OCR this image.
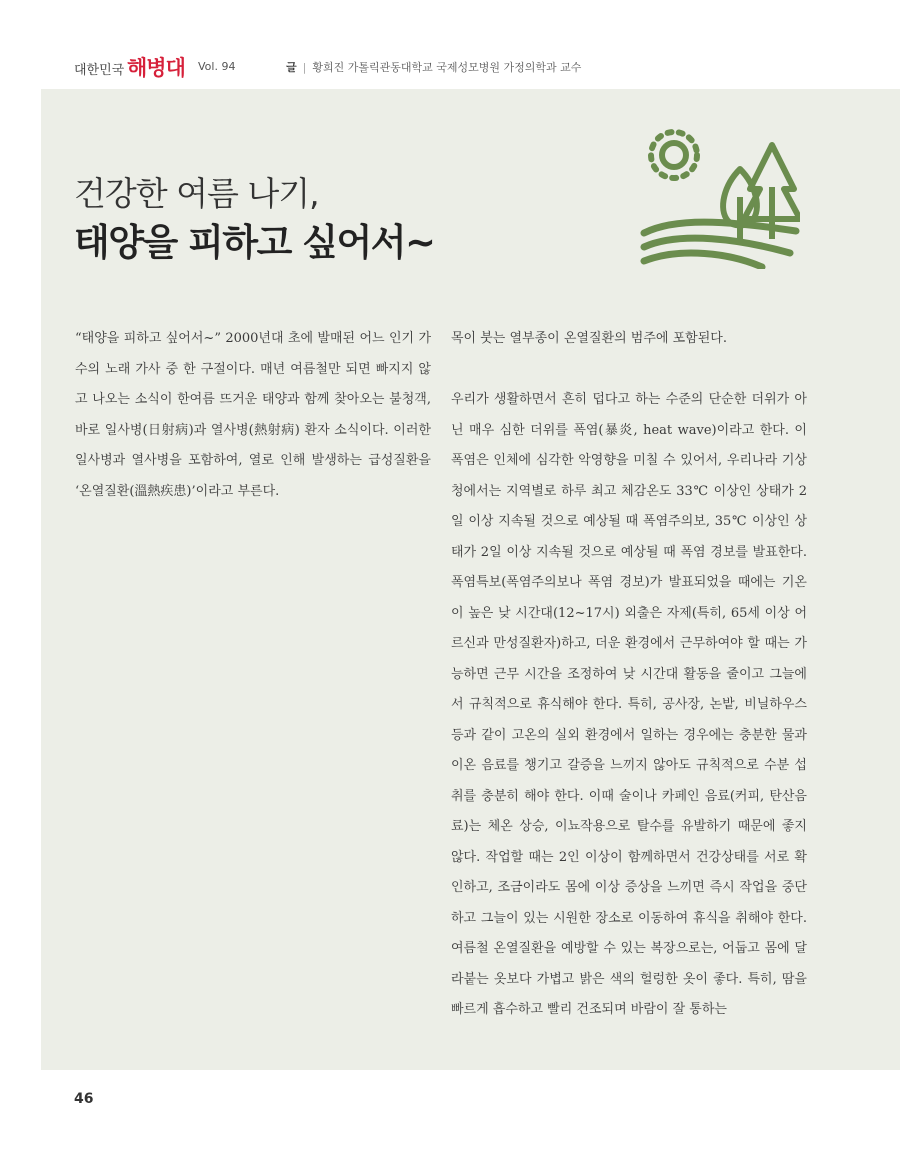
대한민국 해병대 Vol. 94	글 | 황희진 가톨릭관동대학교 국제성모병원 가정의학과 교수
건강한 여름 나기,
태양을 피하고 싶어서~

“태양을 피하고 싶어서~” 2000년대 초에 발매된 어느 인기 가수의 노래 가사 중 한 구절이다. 매년 여름철만 되면 빠지지 않고 나오는 소식이 한여름 뜨거운 태양과 함께 찾아오는 불청객, 바로 일사병(日射病)과 열사병(熱射病) 환자 소식이다. 이러한 일사병과 열사병을 포함하여, 열로 인해 발생하는 급성질환을 ‘온열질환(溫熱疾患)’이라고 부른다.

목이 붓는 열부종이 온열질환의 범주에 포함된다.

우리가 생활하면서 흔히 덥다고 하는 수준의 단순한 더위가 아닌 매우 심한 더위를 폭염(暴炎, heat wave)이라고 한다. 이 폭염은 인체에 심각한 악영향을 미칠 수 있어서, 우리나라 기상청에서는 지역별로 하루 최고 체감온도 33℃ 이상인 상태가 2일 이상 지속될 것으로 예상될 때 폭염주의보, 35℃ 이상인 상태가 2일 이상 지속될 것으로 예상될 때 폭염 경보를 발표한다. 폭염특보(폭염주의보나 폭염 경보)가 발표되었을 때에는 기온이 높은 낮 시간대(12~17시) 외출은 자제(특히, 65세 이상 어르신과 만성질환자)하고, 더운 환경에서 근무하여야 할 때는 가능하면 근무 시간을 조정하여 낮 시간대 활동을 줄이고 그늘에서 규칙적으로 휴식해야 한다. 특히, 공사장, 논밭, 비닐하우스 등과 같이 고온의 실외 환경에서 일하는 경우에는 충분한 물과 이온 음료를 챙기고 갈증을 느끼지 않아도 규칙적으로 수분 섭취를 충분히 해야 한다. 이때 술이나 카페인 음료(커피, 탄산음료)는 체온 상승, 이뇨작용으로 탈수를 유발하기 때문에 좋지 않다. 작업할 때는 2인 이상이 함께하면서 건강상태를 서로 확인하고, 조금이라도 몸에 이상 증상을 느끼면 즉시 작업을 중단하고 그늘이 있는 시원한 장소로 이동하여 휴식을 취해야 한다. 여름철 온열질환을 예방할 수 있는 복장으로는, 어둡고 몸에 달라붙는 옷보다 가볍고 밝은 색의 헐렁한 옷이 좋다. 특히, 땀을 빠르게 흡수하고 빨리 건조되며 바람이 잘 통하는

46
